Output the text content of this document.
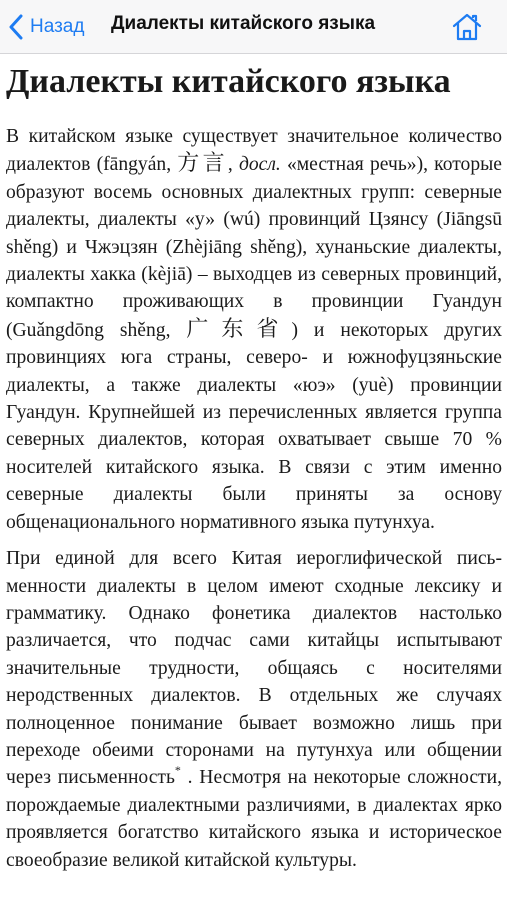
Назад Диалекты китайского языка
Диалекты китайского языка

В китайском языке существует значительное количество диалектов (fāngyán, 方言, досл. «местная речь»), которые образуют восемь основных диалектных групп: северные диалекты, диалекты «у» (wú) провинций Цзянсу (Jiāngsū shěng) и Чжэцзян (Zhèjiāng shěng), хунаньские диалекты, диалекты хакка (kèjiā) – выходцев из северных провинций, компактно проживающих в провинции Гуандун (Guǎngdōng shěng, 广东省) и некоторых других провинциях юга страны, северо- и южнофуцзяньские диалекты, а также диалекты «юэ» (yuè) провинции Гуандун. Крупнейшей из перечисленных является группа северных диалектов, которая охватывает свыше 70 % носителей китайского языка. В связи с этим именно северные диалекты были приняты за основу общенационального нормативного языка путунхуа.

При единой для всего Китая иероглифической письменности диалекты в целом имеют сходные лексику и грамматику. Однако фонетика диалектов настолько различается, что подчас сами китайцы испытывают значительные трудности, общаясь с носителями неродственных диалектов. В отдельных же случаях полноценное понимание бывает возможно лишь при переходе обеими сторонами на путунхуа или общении через письменность* . Несмотря на некоторые сложности, порождаемые диалектными различиями, в диалектах ярко проявляется богатство китайского языка и историческое своеобразие великой китайской культуры.
